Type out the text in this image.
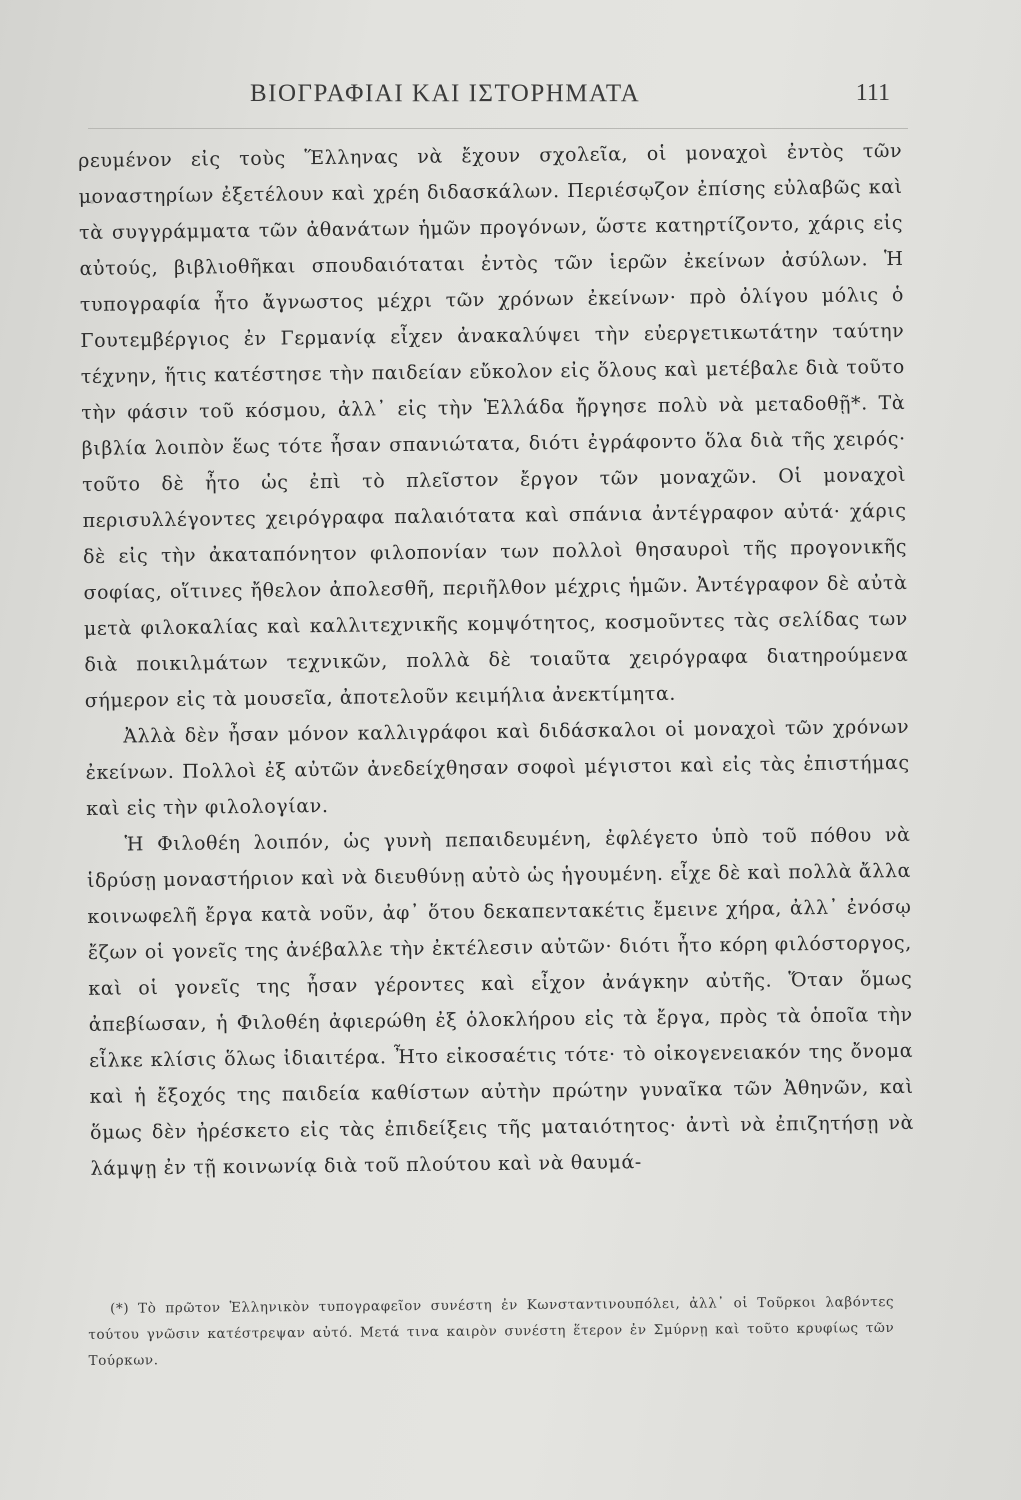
ΒΙΟΓΡΑΦΙΑΙ ΚΑΙ ΙΣΤΟΡΗΜΑΤΑ	111

ρευμένον εἰς τοὺς Ἕλληνας νὰ ἔχουν σχολεῖα, οἱ μοναχοὶ ἐντὸς τῶν μοναστηρίων ἐξετέλουν καὶ χρέη διδασκάλων. Περιέσῳζον ἐπίσης εὐλαβῶς καὶ τὰ συγγράμματα τῶν ἀθανάτων ἡμῶν προγόνων, ὥστε κατηρτίζοντο, χάρις εἰς αὐτούς, βιβλιοθῆκαι σπουδαιόταται ἐντὸς τῶν ἱερῶν ἐκείνων ἀσύλων. Ἡ τυπογραφία ἦτο ἄγνωστος μέχρι τῶν χρόνων ἐκείνων· πρὸ ὀλίγου μόλις ὁ Γουτεμβέργιος ἐν Γερμανίᾳ εἶχεν ἀνακαλύψει τὴν εὐεργετικωτάτην ταύτην τέχνην, ἥτις κατέστησε τὴν παιδείαν εὔκολον εἰς ὅλους καὶ μετέβαλε διὰ τοῦτο τὴν φάσιν τοῦ κόσμου, ἀλλ᾽ εἰς τὴν Ἑλλάδα ἤργησε πολὺ νὰ μεταδοθῇ*. Τὰ βιβλία λοιπὸν ἕως τότε ἦσαν σπανιώτατα, διότι ἐγράφοντο ὅλα διὰ τῆς χειρός· τοῦτο δὲ ἦτο ὡς ἐπὶ τὸ πλεῖστον ἔργον τῶν μοναχῶν. Οἱ μοναχοὶ περισυλλέγοντες χειρόγραφα παλαιότατα καὶ σπάνια ἀντέγραφον αὐτά· χάρις δὲ εἰς τὴν ἀκαταπόνητον φιλοπονίαν των πολλοὶ θησαυροὶ τῆς προγονικῆς σοφίας, οἵτινες ἤθελον ἀπολεσθῆ, περιῆλθον μέχρις ἡμῶν. Ἀντέγραφον δὲ αὐτὰ μετὰ φιλοκαλίας καὶ καλλιτεχνικῆς κομψότητος, κοσμοῦντες τὰς σελίδας των διὰ ποικιλμάτων τεχνικῶν, πολλὰ δὲ τοιαῦτα χειρόγραφα διατηρούμενα σήμερον εἰς τὰ μουσεῖα, ἀποτελοῦν κειμήλια ἀνεκτίμητα.

Ἀλλὰ δὲν ἦσαν μόνον καλλιγράφοι καὶ διδάσκαλοι οἱ μοναχοὶ τῶν χρόνων ἐκείνων. Πολλοὶ ἐξ αὐτῶν ἀνεδείχθησαν σοφοὶ μέγιστοι καὶ εἰς τὰς ἐπιστήμας καὶ εἰς τὴν φιλολογίαν.

Ἡ Φιλοθέη λοιπόν, ὡς γυνὴ πεπαιδευμένη, ἐφλέγετο ὑπὸ τοῦ πόθου νὰ ἱδρύσῃ μοναστήριον καὶ νὰ διευθύνῃ αὐτὸ ὡς ἡγουμένη. εἶχε δὲ καὶ πολλὰ ἄλλα κοινωφελῆ ἔργα κατὰ νοῦν, ἀφ᾽ ὅτου δεκαπεντακέτις ἔμεινε χήρα, ἀλλ᾽ ἐνόσῳ ἔζων οἱ γονεῖς της ἀνέβαλλε τὴν ἐκτέλεσιν αὐτῶν· διότι ἦτο κόρη φιλόστοργος, καὶ οἱ γονεῖς της ἦσαν γέροντες καὶ εἶχον ἀνάγκην αὐτῆς. Ὅταν ὅμως ἀπεβίωσαν, ἡ Φιλοθέη ἀφιερώθη ἐξ ὁλοκλήρου εἰς τὰ ἔργα, πρὸς τὰ ὁποῖα τὴν εἷλκε κλίσις ὅλως ἰδιαιτέρα. Ἦτο εἰκοσαέτις τότε· τὸ οἰκογενειακόν της ὄνομα καὶ ἡ ἔξοχός της παιδεία καθίστων αὐτὴν πρώτην γυναῖκα τῶν Ἀθηνῶν, καὶ ὅμως δὲν ἠρέσκετο εἰς τὰς ἐπιδείξεις τῆς ματαιότητος· ἀντὶ νὰ ἐπιζητήσῃ νὰ λάμψῃ ἐν τῇ κοινωνίᾳ διὰ τοῦ πλούτου καὶ νὰ θαυμά-

(*) Τὸ πρῶτον Ἑλληνικὸν τυπογραφεῖον συνέστη ἐν Κωνσταντινουπόλει, ἀλλ᾽ οἱ Τοῦρκοι λαβόντες τούτου γνῶσιν κατέστρεψαν αὐτό. Μετά τινα καιρὸν συνέστη ἕτερον ἐν Σμύρνῃ καὶ τοῦτο κρυφίως τῶν Τούρκων.
